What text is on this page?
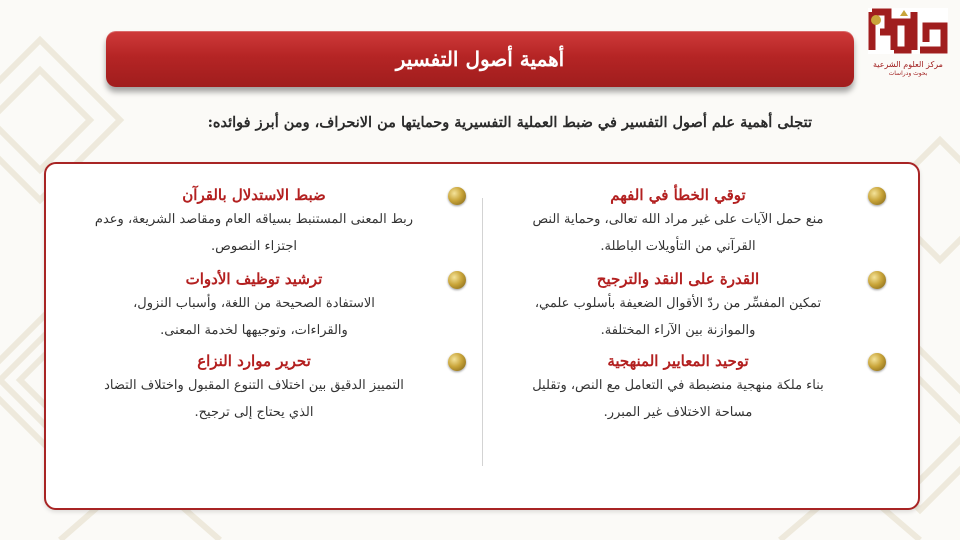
مركز العلوم الشرعية
بحوث ودراسات
أهمية أصول التفسير
تتجلى أهمية علم أصول التفسير في ضبط العملية التفسيرية وحمايتها من الانحراف، ومن أبرز فوائده:
توقي الخطأ في الفهم
منع حمل الآيات على غير مراد الله تعالى، وحماية النص
القرآني من التأويلات الباطلة.
القدرة على النقد والترجيح
تمكين المفسِّر من ردّ الأقوال الضعيفة بأسلوب علمي،
والموازنة بين الآراء المختلفة.
توحيد المعايير المنهجية
بناء ملكة منهجية منضبطة في التعامل مع النص، وتقليل
مساحة الاختلاف غير المبرر.
ضبط الاستدلال بالقرآن
ربط المعنى المستنبط بسياقه العام ومقاصد الشريعة، وعدم
اجتزاء النصوص.
ترشيد توظيف الأدوات
الاستفادة الصحيحة من اللغة، وأسباب النزول،
والقراءات، وتوجيهها لخدمة المعنى.
تحرير موارد النزاع
التمييز الدقيق بين اختلاف التنوع المقبول واختلاف التضاد
الذي يحتاج إلى ترجيح.
